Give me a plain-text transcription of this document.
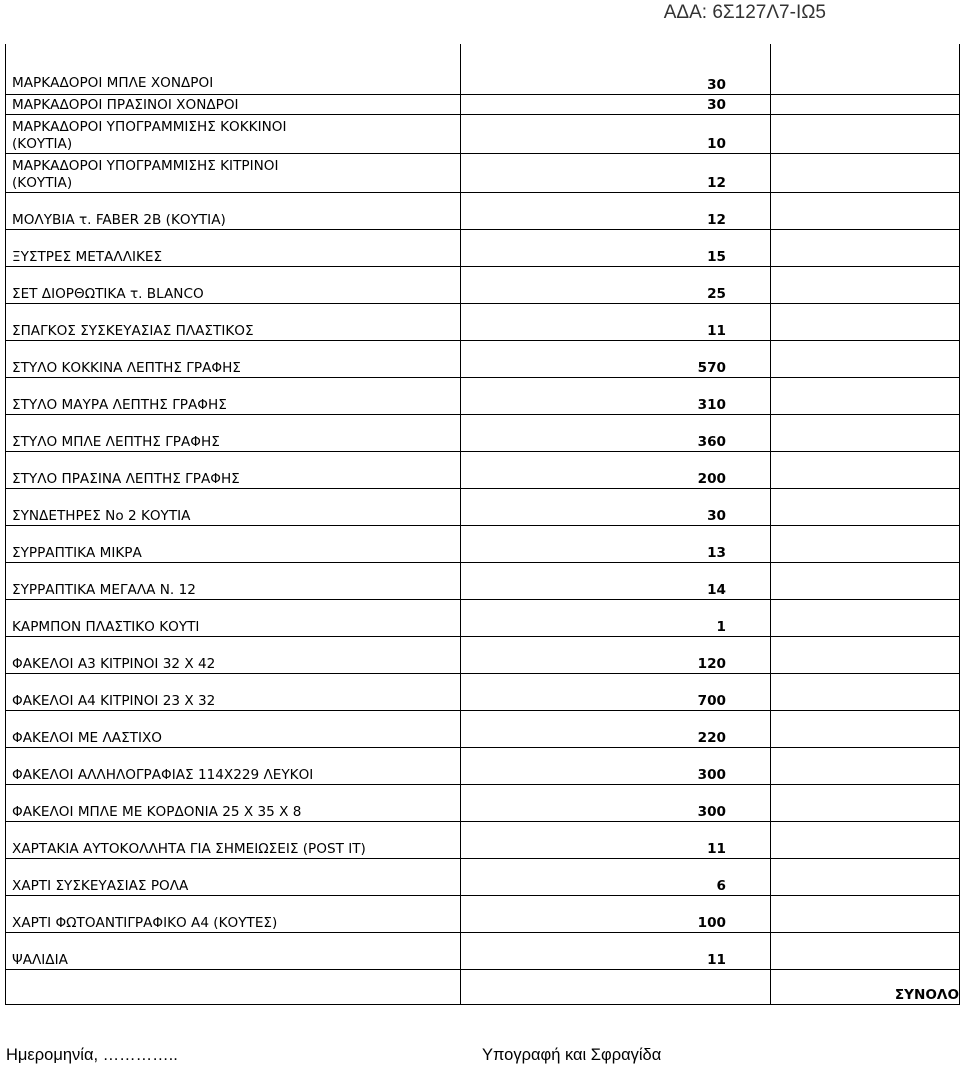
ΑΔΑ: 6Σ127Λ7-ΙΩ5
ΜΑΡΚΑΔΟΡΟΙ ΜΠΛΕ ΧΟΝΔΡΟΙ	30	
ΜΑΡΚΑΔΟΡΟΙ ΠΡΑΣΙΝΟΙ ΧΟΝΔΡΟΙ	30	

ΜΑΡΚΑΔΟΡΟΙ ΥΠΟΓΡΑΜΜΙΣΗΣ ΚΟΚΚΙΝΟΙ
(ΚΟΥΤΙΑ)	10	

ΜΑΡΚΑΔΟΡΟΙ ΥΠΟΓΡΑΜΜΙΣΗΣ ΚΙΤΡΙΝΟΙ
(ΚΟΥΤΙΑ)	12	
ΜΟΛΥΒΙΑ τ. FABER 2B (ΚΟΥΤΙΑ)	12	
ΞΥΣΤΡΕΣ ΜΕΤΑΛΛΙΚΕΣ	15	
ΣΕΤ ΔΙΟΡΘΩΤΙΚΑ τ. BLANCO	25	
ΣΠΑΓΚΟΣ ΣΥΣΚΕΥΑΣΙΑΣ ΠΛΑΣΤΙΚΟΣ	11	
ΣΤΥΛΟ ΚΟΚΚΙΝΑ ΛΕΠΤΗΣ ΓΡΑΦΗΣ	570	
ΣΤΥΛΟ ΜΑΥΡΑ ΛΕΠΤΗΣ ΓΡΑΦΗΣ	310	
ΣΤΥΛΟ ΜΠΛΕ ΛΕΠΤΗΣ ΓΡΑΦΗΣ	360	
ΣΤΥΛΟ ΠΡΑΣΙΝΑ ΛΕΠΤΗΣ ΓΡΑΦΗΣ	200	
ΣΥΝΔΕΤΗΡΕΣ Νο 2 ΚΟΥΤΙΑ	30	
ΣΥΡΡΑΠΤΙΚΑ ΜΙΚΡΑ	13	
ΣΥΡΡΑΠΤΙΚΑ ΜΕΓΑΛΑ Ν. 12	14	
ΚΑΡΜΠΟΝ ΠΛΑΣΤΙΚΟ ΚΟΥΤΙ	1	
ΦΑΚΕΛΟΙ Α3 ΚΙΤΡΙΝΟΙ 32 Χ 42	120	
ΦΑΚΕΛΟΙ Α4 ΚΙΤΡΙΝΟΙ 23 Χ 32	700	
ΦΑΚΕΛΟΙ ΜΕ ΛΑΣΤΙΧΟ	220	
ΦΑΚΕΛΟΙ ΑΛΛΗΛΟΓΡΑΦΙΑΣ 114Χ229 ΛΕΥΚΟΙ	300	
ΦΑΚΕΛΟΙ ΜΠΛΕ ΜΕ ΚΟΡΔΟΝΙΑ 25 Χ 35 Χ 8	300	
ΧΑΡΤΑΚΙΑ ΑΥΤΟΚΟΛΛΗΤΑ ΓΙΑ ΣΗΜΕΙΩΣΕΙΣ (POST IT)	11	
ΧΑΡΤΙ ΣΥΣΚΕΥΑΣΙΑΣ ΡΟΛΑ	6	
ΧΑΡΤΙ ΦΩΤΟΑΝΤΙΓΡΑΦΙΚΟ Α4 (ΚΟΥΤΕΣ)	100	
ΨΑΛΙΔΙΑ	11	
		ΣΥΝΟΛΟ
Ημερομηνία, …………..	Υπογραφή και Σφραγίδα
